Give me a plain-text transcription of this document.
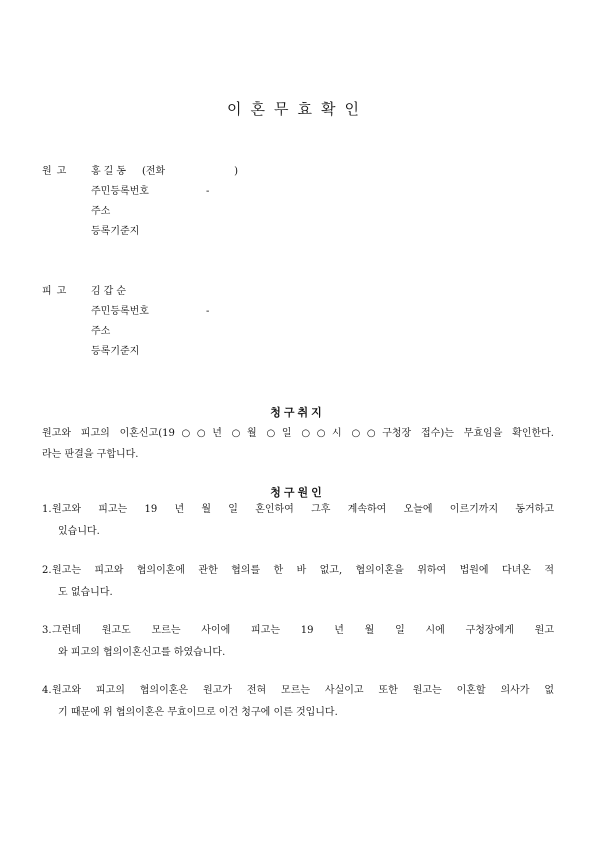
이혼무효확인
원고 홍길동 (전화	)
주민등록번호	-
주소
등록기준지
피고 김갑순
주민등록번호	-
주소
등록기준지
청구취지
원고와 피고의 이혼신고(19○○년 ○월 ○일 ○○시 ○○구청장 접수)는 무효임을 확인한다.
라는 판결을 구합니다.
청구원인
1. 원고와 피고는 19 년 월 일 혼인하여 그후 계속하여 오늘에 이르기까지 동거하고
있습니다.
2. 원고는 피고와 협의이혼에 관한 협의를 한 바 없고, 협의이혼을 위하여 법원에 다녀온 적
도 없습니다.
3. 그런데 원고도 모르는 사이에 피고는 19 년 월 일 시에 구청장에게 원고
와 피고의 협의이혼신고를 하였습니다.
4. 원고와 피고의 협의이혼은 원고가 전혀 모르는 사실이고 또한 원고는 이혼할 의사가 없
기 때문에 위 협의이혼은 무효이므로 이건 청구에 이른 것입니다.
